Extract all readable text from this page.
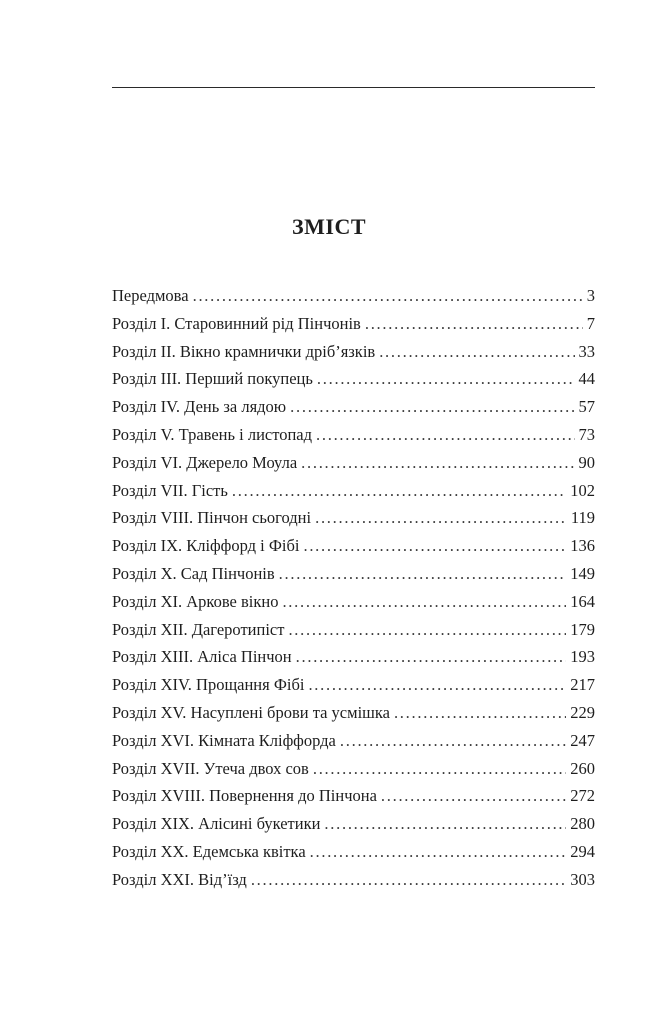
ЗМІСТ
Передмова . . .	3
Розділ І. Старовинний рід Пінчонів . . .	7
Розділ ІІ. Вікно крамнички дріб’язків . . .	33
Розділ ІІІ. Перший покупець . . .	44
Розділ IV. День за лядою . . .	57
Розділ V. Травень і листопад . . .	73
Розділ VІ. Джерело Моула . . .	90
Розділ VІІ. Гість . . .	102
Розділ VІІІ. Пінчон сьогодні . . .	119
Розділ ІХ. Кліффорд і Фібі . . .	136
Розділ Х. Сад Пінчонів . . .	149
Розділ ХІ. Аркове вікно . . .	164
Розділ ХІІ. Дагеротипіст . . .	179
Розділ ХІІІ. Аліса Пінчон . . .	193
Розділ ХІV. Прощання Фібі . . .	217
Розділ ХV. Насуплені брови та усмішка . . .	229
Розділ ХVІ. Кімната Кліффорда . . .	247
Розділ ХVІІ. Утеча двох сов . . .	260
Розділ ХVІІІ. Повернення до Пінчона . . .	272
Розділ ХІХ. Алісині букетики . . .	280
Розділ ХХ. Едемська квітка . . .	294
Розділ ХХІ. Від’їзд . . .	303
